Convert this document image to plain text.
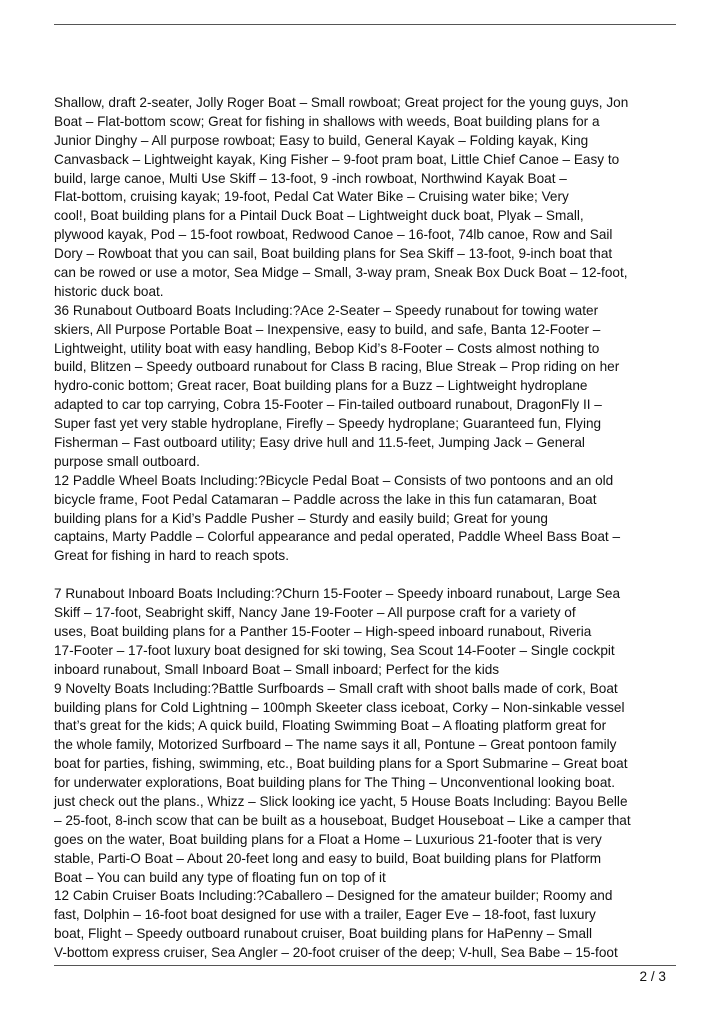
Shallow, draft 2-seater, Jolly Roger Boat – Small rowboat; Great project for the young guys, Jon
Boat – Flat-bottom scow; Great for fishing in shallows with weeds, Boat building plans for a
Junior Dinghy – All purpose rowboat; Easy to build, General Kayak – Folding kayak, King
Canvasback – Lightweight kayak, King Fisher – 9-foot pram boat, Little Chief Canoe – Easy to
build, large canoe, Multi Use Skiff – 13-foot, 9 -inch rowboat, Northwind Kayak Boat –
Flat-bottom, cruising kayak; 19-foot, Pedal Cat Water Bike – Cruising water bike; Very
cool!, Boat building plans for a Pintail Duck Boat – Lightweight duck boat, Plyak – Small,
plywood kayak, Pod – 15-foot rowboat, Redwood Canoe – 16-foot, 74lb canoe, Row and Sail
Dory – Rowboat that you can sail, Boat building plans for Sea Skiff – 13-foot, 9-inch boat that
can be rowed or use a motor, Sea Midge – Small, 3-way pram, Sneak Box Duck Boat – 12-foot,
historic duck boat.
36 Runabout Outboard Boats Including:?Ace 2-Seater – Speedy runabout for towing water
skiers, All Purpose Portable Boat – Inexpensive, easy to build, and safe, Banta 12-Footer –
Lightweight, utility boat with easy handling, Bebop Kid’s 8-Footer – Costs almost nothing to
build, Blitzen – Speedy outboard runabout for Class B racing, Blue Streak – Prop riding on her
hydro-conic bottom; Great racer, Boat building plans for a Buzz – Lightweight hydroplane
adapted to car top carrying, Cobra 15-Footer – Fin-tailed outboard runabout, DragonFly II –
Super fast yet very stable hydroplane, Firefly – Speedy hydroplane; Guaranteed fun, Flying
Fisherman – Fast outboard utility; Easy drive hull and 11.5-feet, Jumping Jack – General
purpose small outboard.
12 Paddle Wheel Boats Including:?Bicycle Pedal Boat – Consists of two pontoons and an old
bicycle frame, Foot Pedal Catamaran – Paddle across the lake in this fun catamaran, Boat
building plans for a Kid’s Paddle Pusher – Sturdy and easily build; Great for young
captains, Marty Paddle – Colorful appearance and pedal operated, Paddle Wheel Bass Boat –
Great for fishing in hard to reach spots.
7 Runabout Inboard Boats Including:?Churn 15-Footer – Speedy inboard runabout, Large Sea
Skiff – 17-foot, Seabright skiff, Nancy Jane 19-Footer – All purpose craft for a variety of
uses, Boat building plans for a Panther 15-Footer – High-speed inboard runabout, Riveria
17-Footer – 17-foot luxury boat designed for ski towing, Sea Scout 14-Footer – Single cockpit
inboard runabout, Small Inboard Boat – Small inboard; Perfect for the kids
9 Novelty Boats Including:?Battle Surfboards – Small craft with shoot balls made of cork, Boat
building plans for Cold Lightning – 100mph Skeeter class iceboat, Corky – Non-sinkable vessel
that’s great for the kids; A quick build, Floating Swimming Boat – A floating platform great for
the whole family, Motorized Surfboard – The name says it all, Pontune – Great pontoon family
boat for parties, fishing, swimming, etc., Boat building plans for a Sport Submarine – Great boat
for underwater explorations, Boat building plans for The Thing – Unconventional looking boat.
just check out the plans., Whizz – Slick looking ice yacht, 5 House Boats Including: Bayou Belle
– 25-foot, 8-inch scow that can be built as a houseboat, Budget Houseboat – Like a camper that
goes on the water, Boat building plans for a Float a Home – Luxurious 21-footer that is very
stable, Parti-O Boat – About 20-feet long and easy to build, Boat building plans for Platform
Boat – You can build any type of floating fun on top of it
12 Cabin Cruiser Boats Including:?Caballero – Designed for the amateur builder; Roomy and
fast, Dolphin – 16-foot boat designed for use with a trailer, Eager Eve – 18-foot, fast luxury
boat, Flight – Speedy outboard runabout cruiser, Boat building plans for HaPenny – Small
V-bottom express cruiser, Sea Angler – 20-foot cruiser of the deep; V-hull, Sea Babe – 15-foot
2 / 3
